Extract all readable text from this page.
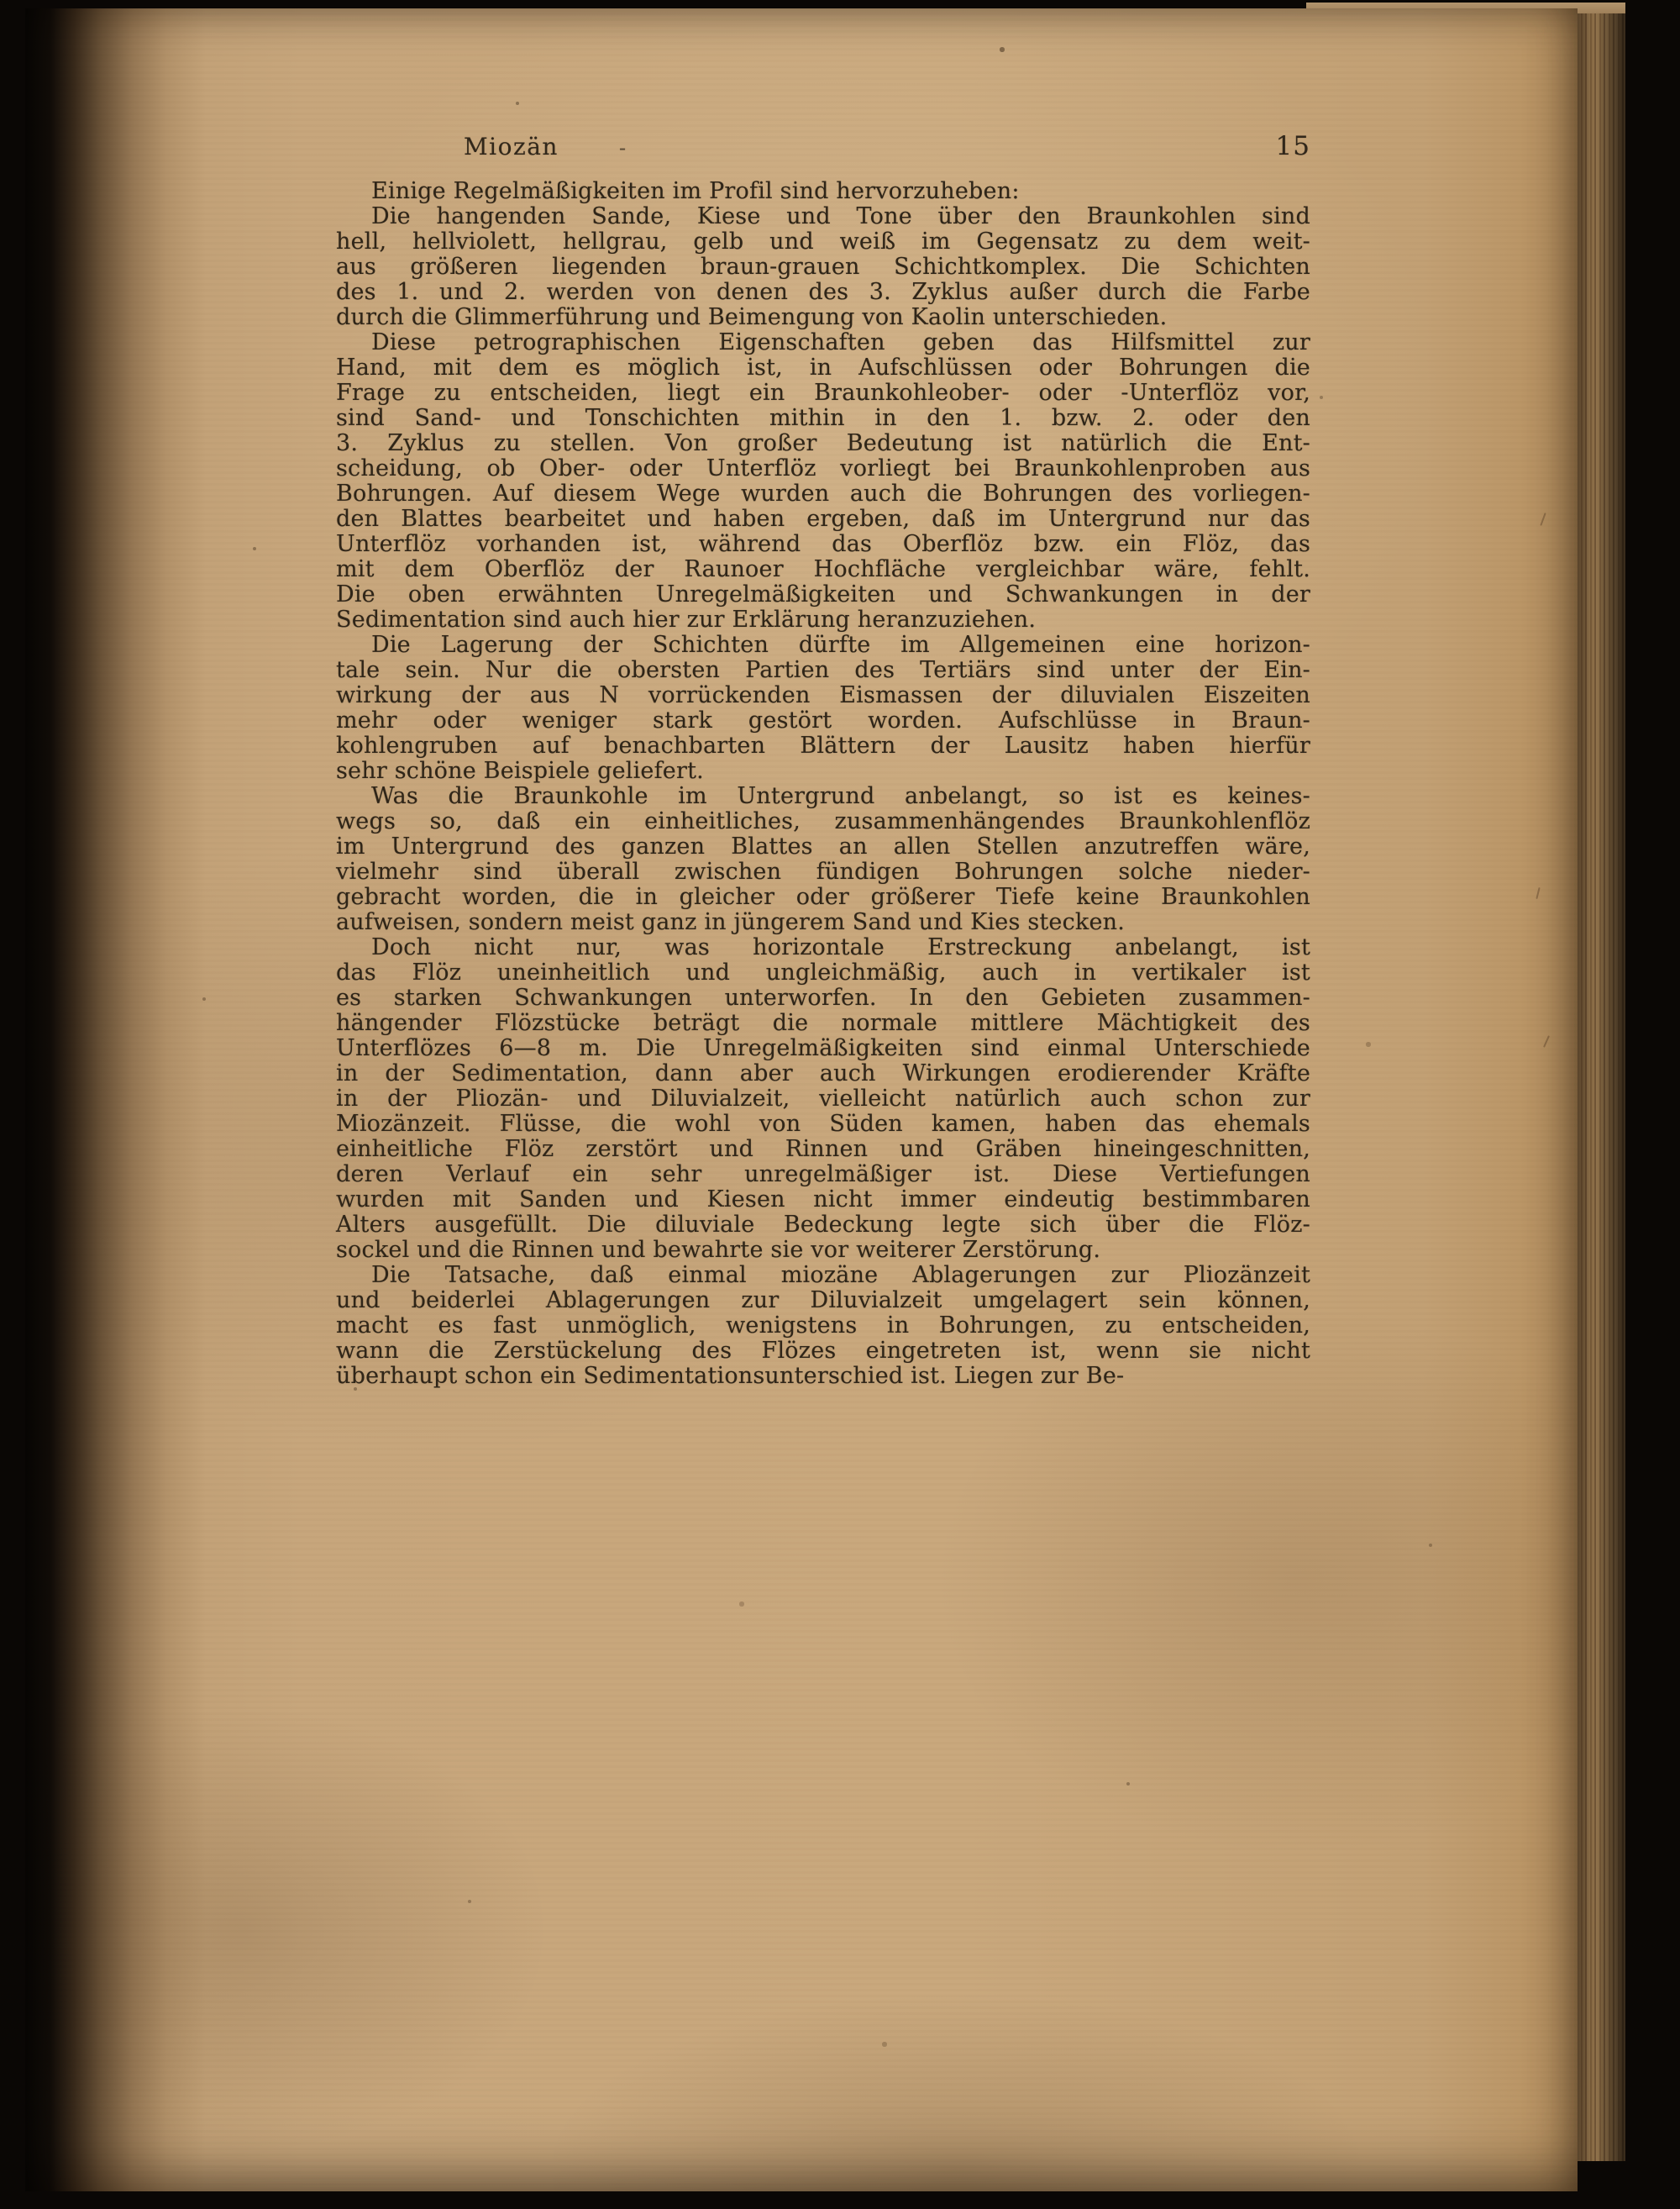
Miozän	-	15

Einige Regelmäßigkeiten im Profil sind hervorzuheben:

Die hangenden Sande, Kiese und Tone über den Braunkohlen sind
hell, hellviolett, hellgrau, gelb und weiß im Gegensatz zu dem weit-
aus größeren liegenden braun-grauen Schichtkomplex. Die Schichten
des 1. und 2. werden von denen des 3. Zyklus außer durch die Farbe
durch die Glimmerführung und Beimengung von Kaolin unterschieden.

Diese petrographischen Eigenschaften geben das Hilfsmittel zur
Hand, mit dem es möglich ist, in Aufschlüssen oder Bohrungen die
Frage zu entscheiden, liegt ein Braunkohleober- oder -Unterflöz vor,
sind Sand- und Tonschichten mithin in den 1. bzw. 2. oder den
3. Zyklus zu stellen. Von großer Bedeutung ist natürlich die Ent-
scheidung, ob Ober- oder Unterflöz vorliegt bei Braunkohlenproben aus
Bohrungen. Auf diesem Wege wurden auch die Bohrungen des vorliegen-
den Blattes bearbeitet und haben ergeben, daß im Untergrund nur das
Unterflöz vorhanden ist, während das Oberflöz bzw. ein Flöz, das
mit dem Oberflöz der Raunoer Hochfläche vergleichbar wäre, fehlt.
Die oben erwähnten Unregelmäßigkeiten und Schwankungen in der
Sedimentation sind auch hier zur Erklärung heranzuziehen.

Die Lagerung der Schichten dürfte im Allgemeinen eine horizon-
tale sein. Nur die obersten Partien des Tertiärs sind unter der Ein-
wirkung der aus N vorrückenden Eismassen der diluvialen Eiszeiten
mehr oder weniger stark gestört worden. Aufschlüsse in Braun-
kohlengruben auf benachbarten Blättern der Lausitz haben hierfür
sehr schöne Beispiele geliefert.

Was die Braunkohle im Untergrund anbelangt, so ist es keines-
wegs so, daß ein einheitliches, zusammenhängendes Braunkohlenflöz
im Untergrund des ganzen Blattes an allen Stellen anzutreffen wäre,
vielmehr sind überall zwischen fündigen Bohrungen solche nieder-
gebracht worden, die in gleicher oder größerer Tiefe keine Braunkohlen
aufweisen, sondern meist ganz in jüngerem Sand und Kies stecken.

Doch nicht nur, was horizontale Erstreckung anbelangt, ist
das Flöz uneinheitlich und ungleichmäßig, auch in vertikaler ist
es starken Schwankungen unterworfen. In den Gebieten zusammen-
hängender Flözstücke beträgt die normale mittlere Mächtigkeit des
Unterflözes 6—8 m. Die Unregelmäßigkeiten sind einmal Unterschiede
in der Sedimentation, dann aber auch Wirkungen erodierender Kräfte
in der Pliozän- und Diluvialzeit, vielleicht natürlich auch schon zur
Miozänzeit. Flüsse, die wohl von Süden kamen, haben das ehemals
einheitliche Flöz zerstört und Rinnen und Gräben hineingeschnitten,
deren Verlauf ein sehr unregelmäßiger ist. Diese Vertiefungen
wurden mit Sanden und Kiesen nicht immer eindeutig bestimmbaren
Alters ausgefüllt. Die diluviale Bedeckung legte sich über die Flöz-
sockel und die Rinnen und bewahrte sie vor weiterer Zerstörung.

Die Tatsache, daß einmal miozäne Ablagerungen zur Pliozänzeit
und beiderlei Ablagerungen zur Diluvialzeit umgelagert sein können,
macht es fast unmöglich, wenigstens in Bohrungen, zu entscheiden,
wann die Zerstückelung des Flözes eingetreten ist, wenn sie nicht
überhaupt schon ein Sedimentationsunterschied ist. Liegen zur Be-
